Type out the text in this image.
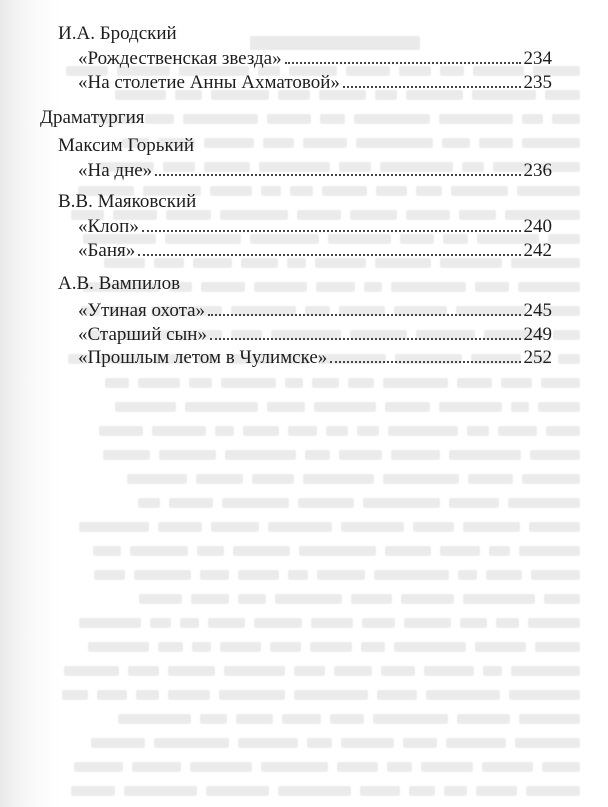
И.А. Бродский
«Рождественская звезда»	234
«На столетие Анны Ахматовой»	235
Драматургия
Максим Горький
«На дне»	236
В.В. Маяковский
«Клоп»	240
«Баня»	242
А.В. Вампилов
«Утиная охота»	245
«Старший сын»	249
«Прошлым летом в Чулимске»	252
